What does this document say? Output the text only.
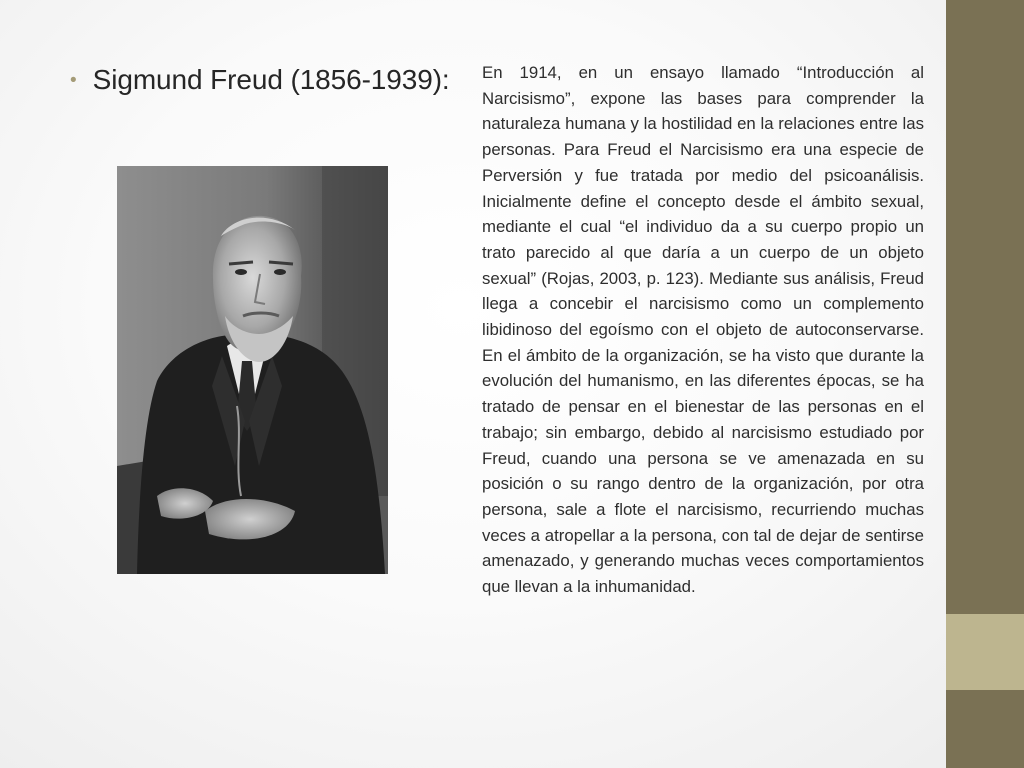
• Sigmund Freud (1856-1939): En 1914, en un ensayo llamado “Introducción al Narcisismo”, expone las bases para comprender la naturaleza humana y la hostilidad en la relaciones entre las personas. Para Freud el Narcisismo era una especie de Perversión y fue tratada por medio del psicoanálisis. Inicialmente define el concepto desde el ámbito sexual, mediante el cual “el individuo da a su cuerpo propio un trato parecido al que daría a un cuerpo de un objeto sexual” (Rojas, 2003, p. 123). Mediante sus análisis, Freud llega a concebir el narcisismo como un complemento libidinoso del egoísmo con el objeto de autoconservarse. En el ámbito de la organización, se ha visto que durante la evolución del humanismo, en las diferentes épocas, se ha tratado de pensar en el bienestar de las personas en el trabajo; sin embargo, debido al narcisismo estudiado por Freud, cuando una persona se ve amenazada en su posición o su rango dentro de la organización, por otra persona, sale a flote el narcisismo, recurriendo muchas veces a atropellar a la persona, con tal de dejar de sentirse amenazado, y generando muchas veces comportamientos que llevan a la inhumanidad.
